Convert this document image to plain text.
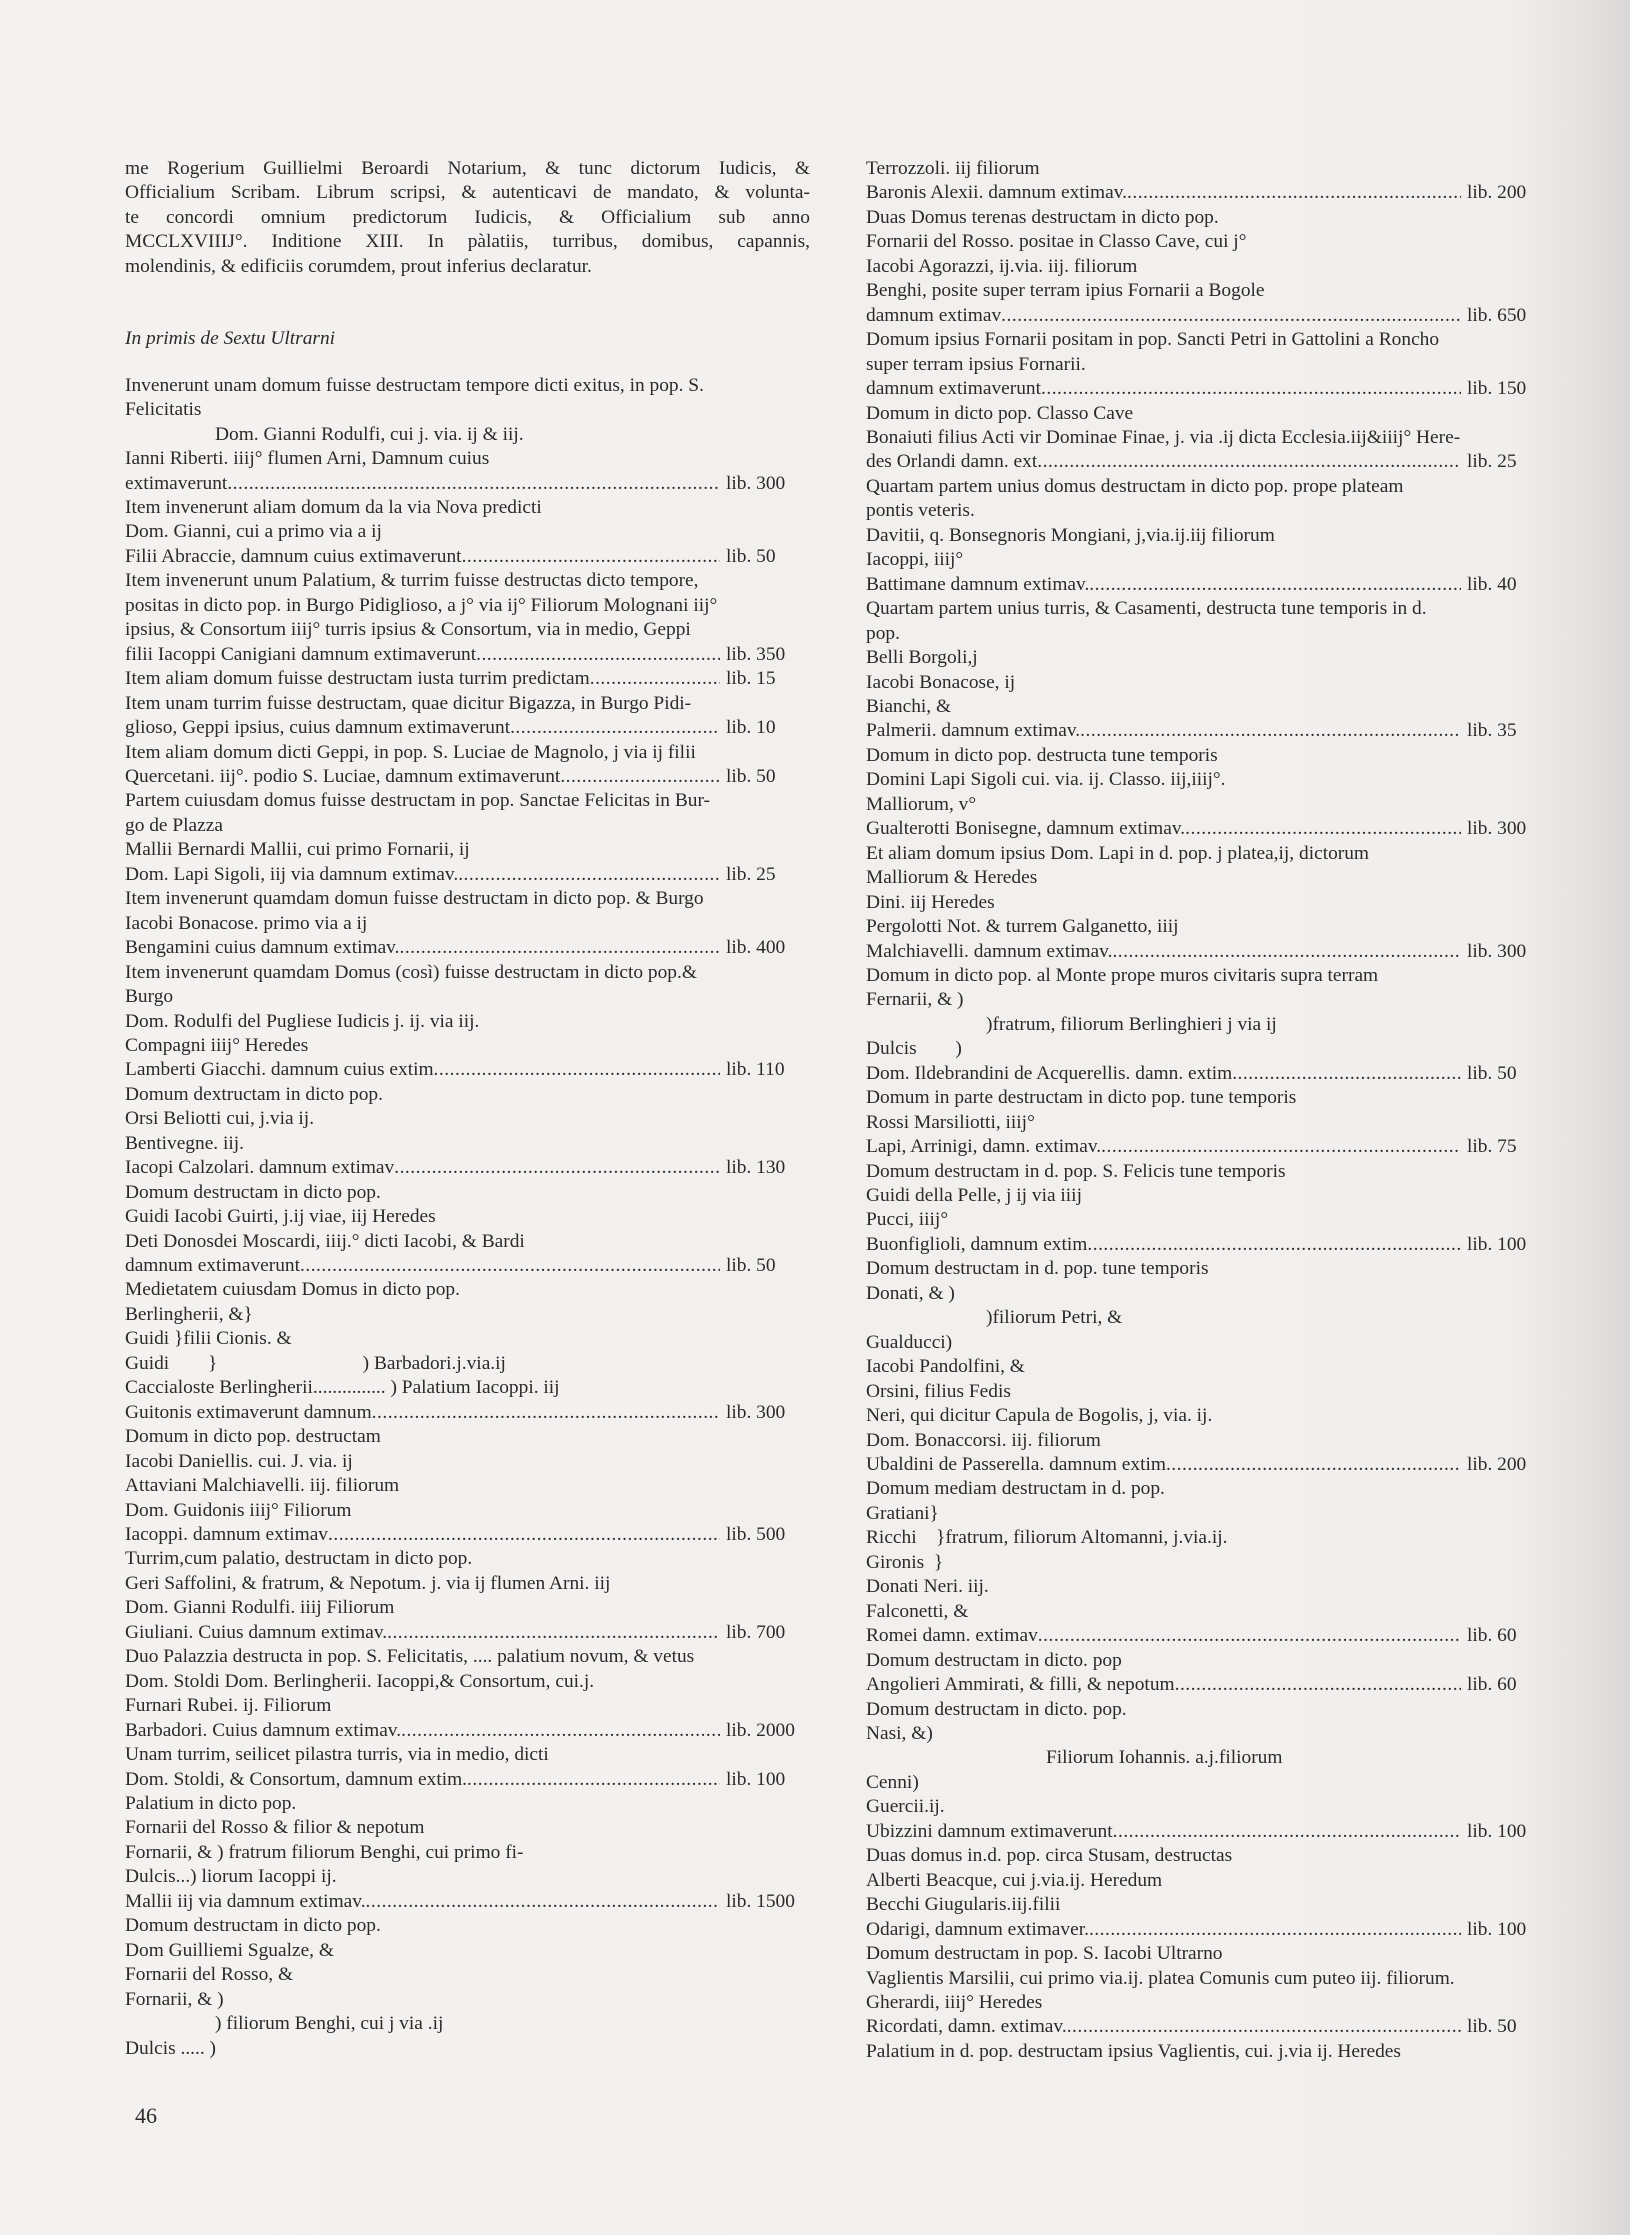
me Rogerium Guillielmi Beroardi Notarium, & tunc dictorum Iudicis, &
Officialium Scribam. Librum scripsi, & autenticavi de mandato, & volunta-
te concordi omnium predictorum Iudicis, & Officialium sub anno
MCCLXVIIIJ°. Inditione XIII. In pàlatiis, turribus, domibus, capannis,
molendinis, & edificiis corumdem, prout inferius declaratur.
In primis de Sextu Ultrarni
Invenerunt unam domum fuisse destructam tempore dicti exitus, in pop. S.
Felicitatis
Dom. Gianni Rodulfi, cui j. via. ij & iij.
Ianni Riberti. iiij° flumen Arni, Damnum cuius
extimaverunt .....	lib. 300
Item invenerunt aliam domum da la via Nova predicti
Dom. Gianni, cui a primo via a ij
Filii Abraccie, damnum cuius extimaverunt .....	lib. 50
Item invenerunt unum Palatium, & turrim fuisse destructas dicto tempore,
positas in dicto pop. in Burgo Pidiglioso, a j° via ij° Filiorum Molognani iij°
ipsius, & Consortum iiij° turris ipsius & Consortum, via in medio, Geppi
filii Iacoppi Canigiani damnum extimaverunt .....	lib. 350
Item aliam domum fuisse destructam iusta turrim predictam .....	lib. 15
Item unam turrim fuisse destructam, quae dicitur Bigazza, in Burgo Pidi-
glioso, Geppi ipsius, cuius damnum extimaverunt .....	lib. 10
Item aliam domum dicti Geppi, in pop. S. Luciae de Magnolo, j via ij filii
Quercetani. iij°. podio S. Luciae, damnum extimaverunt .....	lib. 50
Partem cuiusdam domus fuisse destructam in pop. Sanctae Felicitas in Bur-
go de Plazza
Mallii Bernardi Mallii, cui primo Fornarii, ij
Dom. Lapi Sigoli, iij via damnum extimav. .....	lib. 25
Item invenerunt quamdam domun fuisse destructam in dicto pop. & Burgo
Iacobi Bonacose. primo via a ij
Bengamini cuius damnum extimav. .....	lib. 400
Item invenerunt quamdam Domus (così) fuisse destructam in dicto pop.&
Burgo
Dom. Rodulfi del Pugliese Iudicis j. ij. via iij.
Compagni iiij° Heredes
Lamberti Giacchi. damnum cuius extim .....	lib. 110
Domum dextructam in dicto pop.
Orsi Beliotti cui, j.via ij.
Bentivegne. iij.
Iacopi Calzolari. damnum extimav .....	lib. 130
Domum destructam in dicto pop.
Guidi Iacobi Guirti, j.ij viae, iij Heredes
Deti Donosdei Moscardi, iiij.° dicti Iacobi, & Bardi
damnum extimaverunt .....	lib. 50
Medietatem cuiusdam Domus in dicto pop.
Berlingherii, &}
Guidi }filii Cionis. &
Guidi        }                              ) Barbadori.j.via.ij
Caccialoste Berlingherii............... ) Palatium Iacoppi. iij
Guitonis extimaverunt damnum .....	lib. 300
Domum in dicto pop. destructam
Iacobi Daniellis. cui. J. via. ij
Attaviani Malchiavelli. iij. filiorum
Dom. Guidonis iiij° Filiorum
Iacoppi. damnum extimav .....	lib. 500
Turrim,cum palatio, destructam in dicto pop.
Geri Saffolini, & fratrum, & Nepotum. j. via ij flumen Arni. iij
Dom. Gianni Rodulfi. iiij Filiorum
Giuliani. Cuius damnum extimav. .....	lib. 700
Duo Palazzia destructa in pop. S. Felicitatis, .... palatium novum, & vetus
Dom. Stoldi Dom. Berlingherii. Iacoppi,& Consortum, cui.j.
Furnari Rubei. ij. Filiorum
Barbadori. Cuius damnum extimav. .....	lib. 2000
Unam turrim, seilicet pilastra turris, via in medio, dicti
Dom. Stoldi, & Consortum, damnum extim. .....	lib. 100
Palatium in dicto pop.
Fornarii del Rosso & filior & nepotum
Fornarii, & ) fratrum filiorum Benghi, cui primo fi-
Dulcis...) liorum Iacoppi ij.
Mallii iij via damnum extimav. .....	lib. 1500
Domum destructam in dicto pop.
Dom Guilliemi Sgualze, &
Fornarii del Rosso, &
Fornarii, & )
) filiorum Benghi, cui j via .ij
Dulcis ..... )
Terrozzoli. iij filiorum
Baronis Alexii. damnum extimav. .....	lib. 200
Duas Domus terenas destructam in dicto pop.
Fornarii del Rosso. positae in Classo Cave, cui j°
Iacobi Agorazzi, ij.via. iij. filiorum
Benghi, posite super terram ipius Fornarii a Bogole
damnum extimav .....	lib. 650
Domum ipsius Fornarii positam in pop. Sancti Petri in Gattolini a Roncho
super terram ipsius Fornarii.
damnum extimaverunt .....	lib. 150
Domum in dicto pop. Classo Cave
Bonaiuti filius Acti vir Dominae Finae, j. via .ij dicta Ecclesia.iij&iiij° Here-
des Orlandi damn. ext .....	lib. 25
Quartam partem unius domus destructam in dicto pop. prope plateam
pontis veteris.
Davitii, q. Bonsegnoris Mongiani, j,via.ij.iij filiorum
Iacoppi, iiij°
Battimane damnum extimav. .....	lib. 40
Quartam partem unius turris, & Casamenti, destructa tune temporis in d.
pop.
Belli Borgoli,j
Iacobi Bonacose, ij
Bianchi, &
Palmerii. damnum extimav. .....	lib. 35
Domum in dicto pop. destructa tune temporis
Domini Lapi Sigoli cui. via. ij. Classo. iij,iiij°.
Malliorum, v°
Gualterotti Bonisegne, damnum extimav. .....	lib. 300
Et aliam domum ipsius Dom. Lapi in d. pop. j platea,ij, dictorum
Malliorum & Heredes
Dini. iij Heredes
Pergolotti Not. & turrem Galganetto, iiij
Malchiavelli. damnum extimav. .....	lib. 300
Domum in dicto pop. al Monte prope muros civitaris supra terram
Fernarii, & )
)fratrum, filiorum Berlinghieri j via ij
Dulcis        )
Dom. Ildebrandini de Acquerellis. damn. extim .....	lib. 50
Domum in parte destructam in dicto pop. tune temporis
Rossi Marsiliotti, iiij°
Lapi, Arrinigi, damn. extimav. .....	lib. 75
Domum destructam in d. pop. S. Felicis tune temporis
Guidi della Pelle, j ij via iiij
Pucci, iiij°
Buonfiglioli, damnum extim .....	lib. 100
Domum destructam in d. pop. tune temporis
Donati, & )
)filiorum Petri, &
Gualducci)
Iacobi Pandolfini, &
Orsini, filius Fedis
Neri, qui dicitur Capula de Bogolis, j, via. ij.
Dom. Bonaccorsi. iij. filiorum
Ubaldini de Passerella. damnum extim .....	lib. 200
Domum mediam destructam in d. pop.
Gratiani}
Ricchi    }fratrum, filiorum Altomanni, j.via.ij.
Gironis  }
Donati Neri. iij.
Falconetti, &
Romei damn. extimav .....	lib. 60
Domum destructam in dicto. pop
Angolieri Ammirati, & filli, & nepotum .....	lib. 60
Domum destructam in dicto. pop.
Nasi, &)
Filiorum Iohannis. a.j.filiorum
Cenni)
Guercii.ij.
Ubizzini damnum extimaverunt .....	lib. 100
Duas domus in.d. pop. circa Stusam, destructas
Alberti Beacque, cui j.via.ij. Heredum
Becchi Giugularis.iij.filii
Odarigi, damnum extimaver. .....	lib. 100
Domum destructam in pop. S. Iacobi Ultrarno
Vaglientis Marsilii, cui primo via.ij. platea Comunis cum puteo iij. filiorum.
Gherardi, iiij° Heredes
Ricordati, damn. extimav. .....	lib. 50
Palatium in d. pop. destructam ipsius Vaglientis, cui. j.via ij. Heredes
46
